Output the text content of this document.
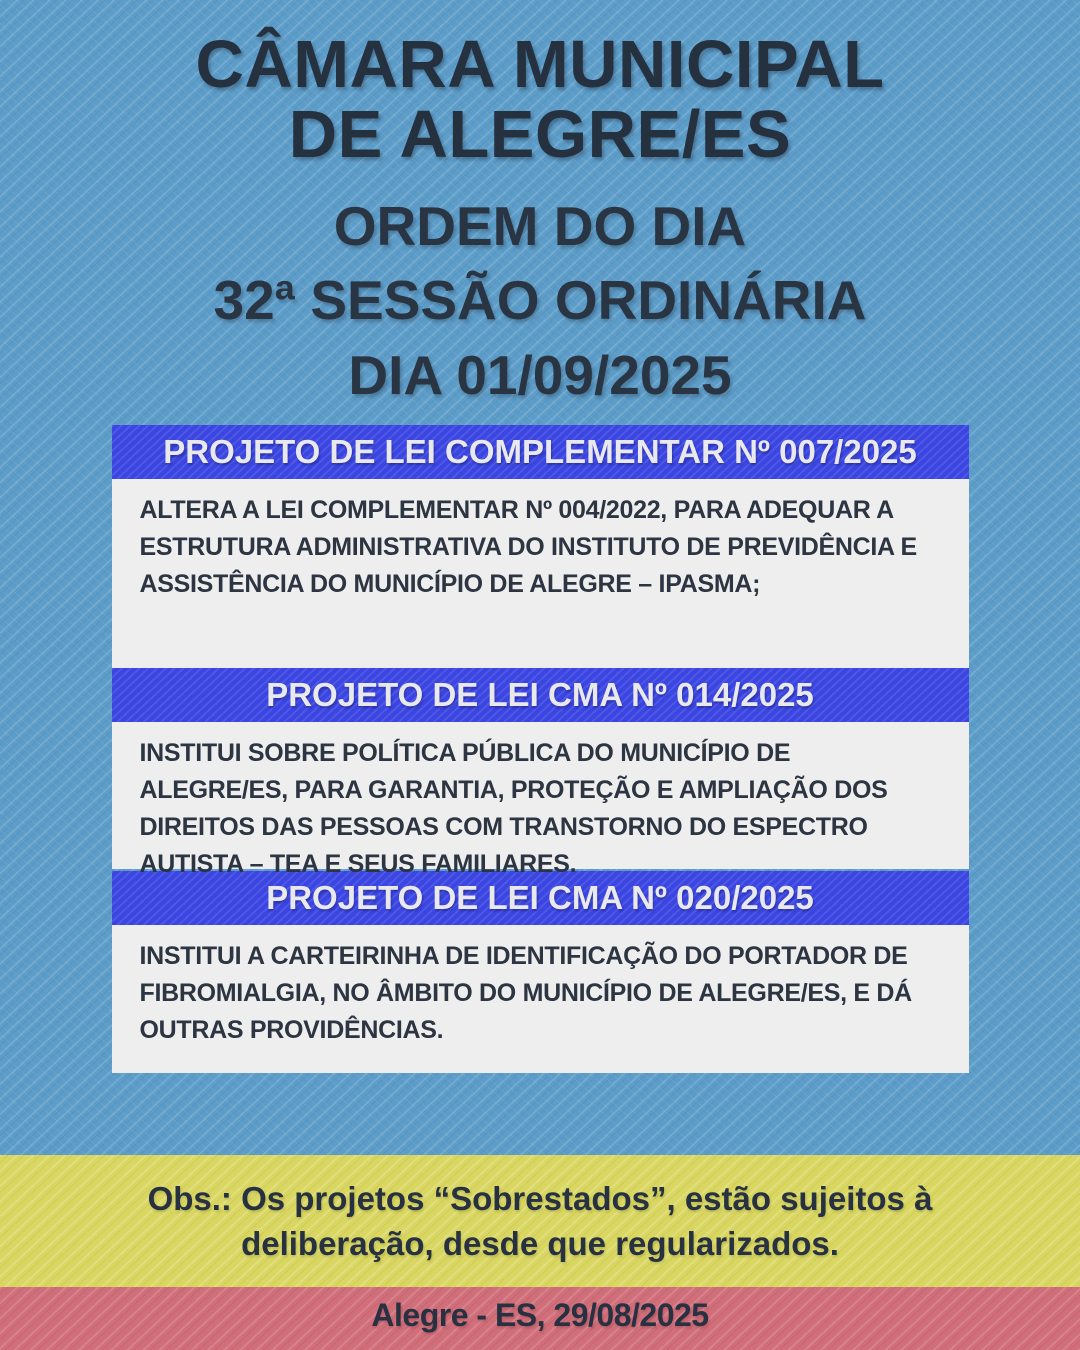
CÂMARA MUNICIPAL
DE ALEGRE/ES
ORDEM DO DIA
32ª SESSÃO ORDINÁRIA
DIA 01/09/2025
PROJETO DE LEI COMPLEMENTAR Nº 007/2025
ALTERA A LEI COMPLEMENTAR Nº 004/2022, PARA ADEQUAR A ESTRUTURA ADMINISTRATIVA DO INSTITUTO DE PREVIDÊNCIA E ASSISTÊNCIA DO MUNICÍPIO DE ALEGRE – IPASMA;
PROJETO DE LEI CMA Nº 014/2025
INSTITUI SOBRE POLÍTICA PÚBLICA DO MUNICÍPIO DE ALEGRE/ES, PARA GARANTIA, PROTEÇÃO E AMPLIAÇÃO DOS DIREITOS DAS PESSOAS COM TRANSTORNO DO ESPECTRO AUTISTA – TEA E SEUS FAMILIARES.
PROJETO DE LEI CMA Nº 020/2025
INSTITUI A CARTEIRINHA DE IDENTIFICAÇÃO DO PORTADOR DE FIBROMIALGIA, NO ÂMBITO DO MUNICÍPIO DE ALEGRE/ES, E DÁ OUTRAS PROVIDÊNCIAS.

Obs.: Os projetos “Sobrestados”, estão sujeitos à deliberação, desde que regularizados.

Alegre - ES, 29/08/2025
